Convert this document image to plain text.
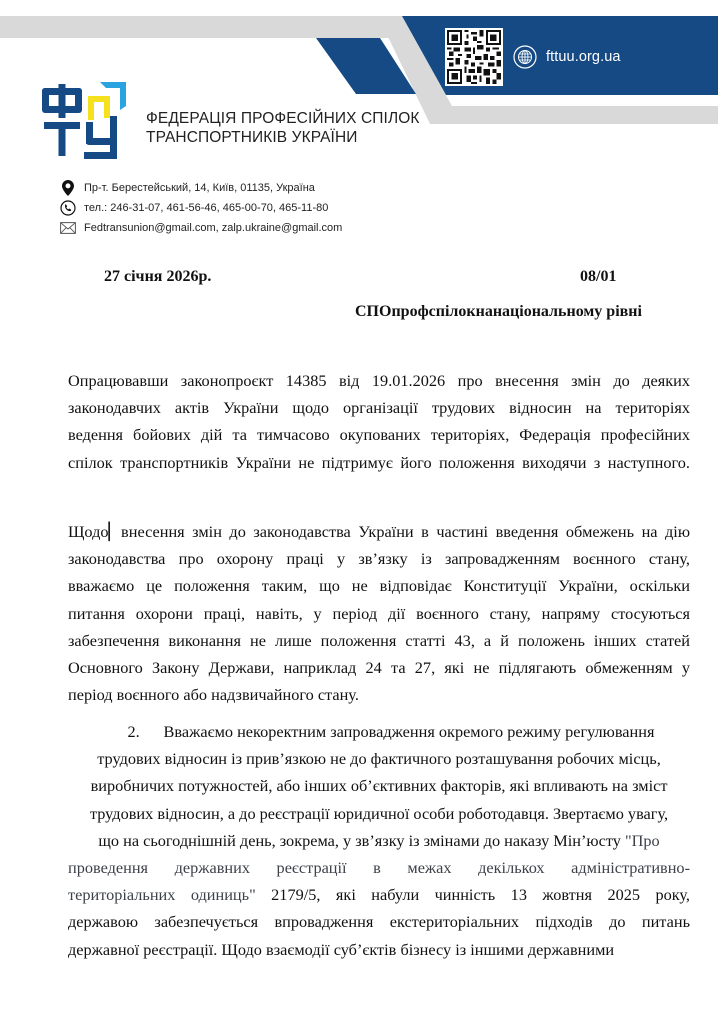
fttuu.org.ua
ФЕДЕРАЦІЯ ПРОФЕСІЙНИХ СПІЛОК
ТРАНСПОРТНИКІВ УКРАЇНИ
Пр-т. Берестейський, 14, Київ, 01135, Україна
тел.: 246-31-07, 461-56-46, 465-00-70, 465-11-80
Fedtransunion@gmail.com, zalp.ukraine@gmail.com
27 січня 2026р.	08/01
СПОпрофспілокнанаціональному рівні
Опрацювавши законопроєкт 14385 від 19.01.2026 про внесення змін до деяких
законодавчих актів України щодо організації трудових відносин на територіях
ведення бойових дій та тимчасово окупованих територіях, Федерація професійних
спілок транспортників України не підтримує його положення виходячи з наступного.
Щодо▏внесення змін до законодавства України в частині введення обмежень на дію
законодавства про охорону праці у зв’язку із запровадженням воєнного стану,
вважаємо це положення таким, що не відповідає Конституції України, оскільки
питання охорони праці, навіть, у період дії воєнного стану, напряму стосуються
забезпечення виконання не лише положення статті 43, а й положень інших статей
Основного Закону Держави, наприклад 24 та 27, які не підлягають обмеженням у
період воєнного або надзвичайного стану.
2. Вважаємо некоректним запровадження окремого режиму регулювання
трудових відносин із прив’язкою не до фактичного розташування робочих місць,
виробничих потужностей, або інших об’єктивних факторів, які впливають на зміст
трудових відносин, а до реєстрації юридичної особи роботодавця. Звертаємо увагу,
що на сьогоднішній день, зокрема, у зв’язку із змінами до наказу Мін’юсту "Про
проведення державних реєстрації в межах декількох адміністративно-
територіальних одиниць" 2179/5, які набули чинність 13 жовтня 2025 року,
державою забезпечується впровадження екстериторіальних підходів до питань
державної реєстрації. Щодо взаємодії суб’єктів бізнесу із іншими державними
